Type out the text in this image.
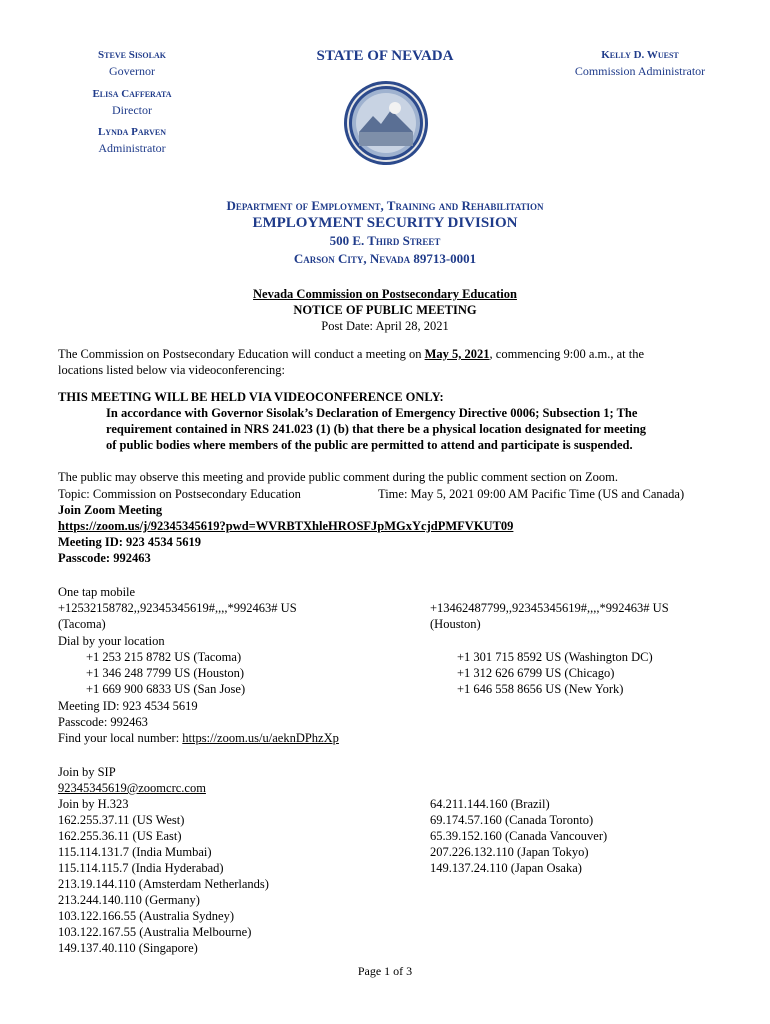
Steve Sisolak
Governor
Elisa Cafferata
Director
Lynda Parven
Administrator
STATE OF NEVADA	Kelly D. Wuest
Commission Administrator
Department of Employment, Training and Rehabilitation
EMPLOYMENT SECURITY DIVISION
500 E. Third Street
Carson City, Nevada 89713-0001
Nevada Commission on Postsecondary Education
NOTICE OF PUBLIC MEETING
Post Date: April 28, 2021
The Commission on Postsecondary Education will conduct a meeting on May 5, 2021, commencing 9:00 a.m., at the
locations listed below via videoconferencing:
THIS MEETING WILL BE HELD VIA VIDEOCONFERENCE ONLY:
In accordance with Governor Sisolak’s Declaration of Emergency Directive 0006; Subsection 1; The
requirement contained in NRS 241.023 (1) (b) that there be a physical location designated for meeting
of public bodies where members of the public are permitted to attend and participate is suspended.
The public may observe this meeting and provide public comment during the public comment section on Zoom.
Topic: Commission on Postsecondary Education	Time: May 5, 2021 09:00 AM Pacific Time (US and Canada)
Join Zoom Meeting
https://zoom.us/j/92345345619?pwd=WVRBTXhleHROSFJpMGxYcjdPMFVKUT09
Meeting ID: 923 4534 5619
Passcode: 992463
One tap mobile
+12532158782,,92345345619#,,,,*992463# US
(Tacoma)
+13462487799,,92345345619#,,,,*992463# US
(Houston)
Dial by your location
+1 253 215 8782 US (Tacoma)
+1 346 248 7799 US (Houston)
+1 669 900 6833 US (San Jose)
+1 301 715 8592 US (Washington DC)
+1 312 626 6799 US (Chicago)
+1 646 558 8656 US (New York)
Meeting ID: 923 4534 5619
Passcode: 992463
Find your local number: https://zoom.us/u/aeknDPhzXp
Join by SIP
92345345619@zoomcrc.com
Join by H.323
162.255.37.11 (US West)
162.255.36.11 (US East)
115.114.131.7 (India Mumbai)
115.114.115.7 (India Hyderabad)
213.19.144.110 (Amsterdam Netherlands)
213.244.140.110 (Germany)
103.122.166.55 (Australia Sydney)
103.122.167.55 (Australia Melbourne)
149.137.40.110 (Singapore)
64.211.144.160 (Brazil)
69.174.57.160 (Canada Toronto)
65.39.152.160 (Canada Vancouver)
207.226.132.110 (Japan Tokyo)
149.137.24.110 (Japan Osaka)
Page 1 of 3
